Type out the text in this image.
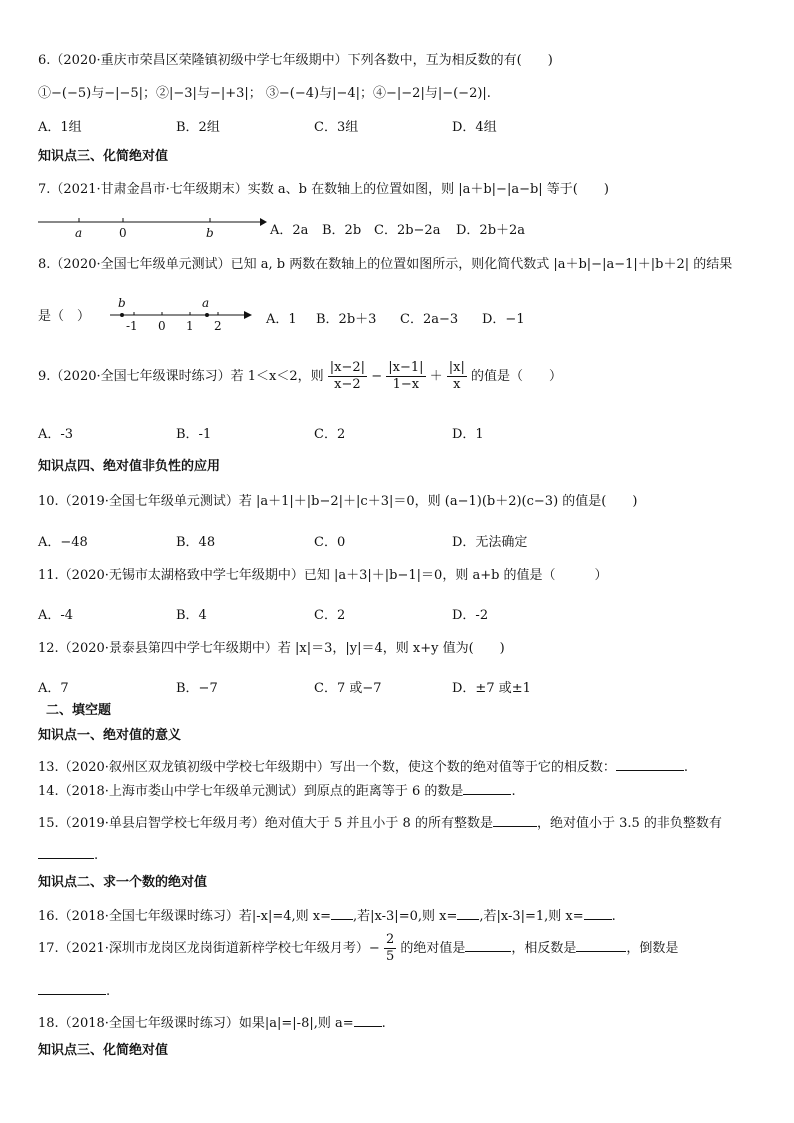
6.（2020·重庆市荣昌区荣隆镇初级中学七年级期中）下列各数中，互为相反数的有(　　)
①−(−5)与−|−5|；②|−3|与−|+3|； ③−(−4)与|−4|；④−|−2|与|−(−2)|.
A．1组	B．2组	C．3组	D．4组
知识点三、化简绝对值
7.（2021·甘肃金昌市·七年级期末）实数 a、b 在数轴上的位置如图，则 |a＋b|−|a−b| 等于(　　)
a	0	b	A．2a B．2b C．2b−2a D．2b＋2a
8.（2020·全国七年级单元测试）已知 a, b 两数在数轴上的位置如图所示，则化简代数式 |a＋b|−|a−1|＋|b＋2| 的结果
是（　）
b	a
-1 0 1 2	A．1 B．2b＋3 C．2a−3 D．−1
9.（2020·全国七年级课时练习）若 1＜x＜2，则 $\frac{|x-2|}{x-2} - \frac{|x-1|}{1-x} + \frac{|x|}{x}$ 的值是（　　）
A．-3	B．-1	C．2	D．1
知识点四、绝对值非负性的应用
10.（2019·全国七年级单元测试）若 |a＋1|＋|b−2|＋|c＋3|＝0，则 (a−1)(b＋2)(c−3) 的值是(　　)
A．−48	B．48	C．0	D．无法确定
11.（2020·无锡市太湖格致中学七年级期中）已知 |a＋3|＋|b−1|＝0，则 a+b 的值是（　　　）
A．-4	B．4	C．2	D．-2
12.（2020·景泰县第四中学七年级期中）若 |x|＝3，|y|＝4，则 x+y 值为(　　)
A．7	B．−7	C．7 或−7	D．±7 或±1
二、填空题
知识点一、绝对值的意义
13.（2020·叙州区双龙镇初级中学校七年级期中）写出一个数，使这个数的绝对值等于它的相反数：	.
14.（2018·上海市娄山中学七年级单元测试）到原点的距离等于 6 的数是	.
15.（2019·单县启智学校七年级月考）绝对值大于 5 并且小于 8 的所有整数是	，绝对值小于 3.5 的非负整数有
.
知识点二、求一个数的绝对值
16.（2018·全国七年级课时练习）若|-x|=4,则 x= ,若|x-3|=0,则 x= ,若|x-3|=1,则 x= .
17.（2021·深圳市龙岗区龙岗街道新梓学校七年级月考）− $\frac{2}{5}$ 的绝对值是	，相反数是	，倒数是
.
18.（2018·全国七年级课时练习）如果|a|=|-8|,则 a= .
知识点三、化简绝对值
